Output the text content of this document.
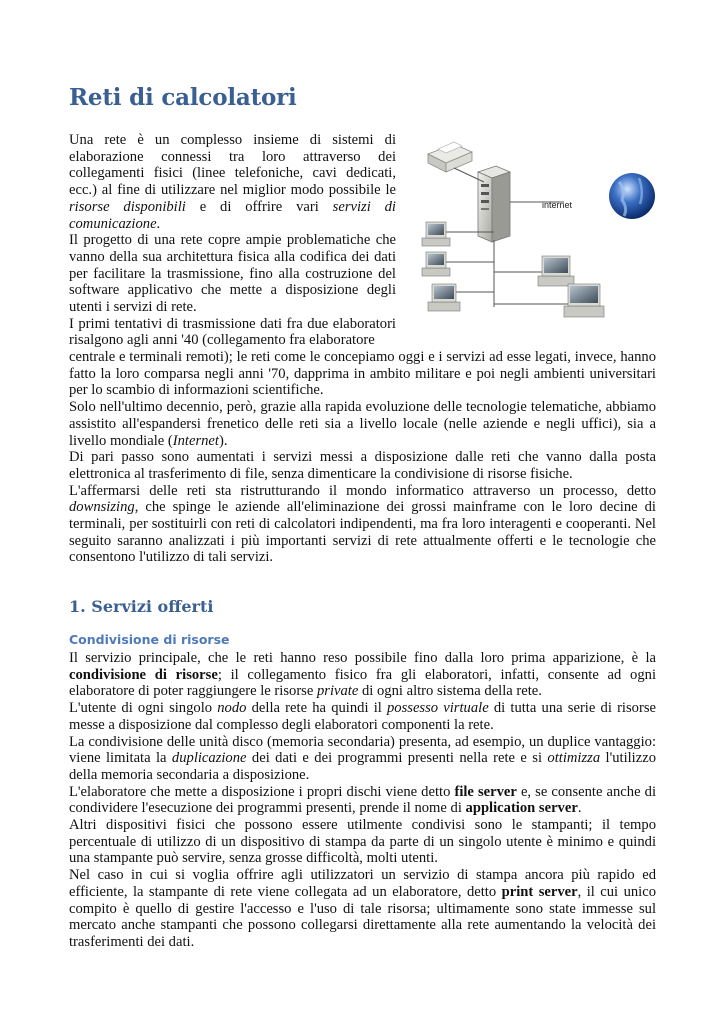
Reti di calcolatori

Una rete è un complesso insieme di sistemi di elaborazione connessi tra loro attraverso dei collegamenti fisici (linee telefoniche, cavi dedicati, ecc.) al fine di utilizzare nel miglior modo possibile le risorse disponibili e di offrire vari servizi di comunicazione.

Il progetto di una rete copre ampie problematiche che vanno della sua architettura fisica alla codifica dei dati per facilitare la trasmissione, fino alla costruzione del software applicativo che mette a disposizione degli utenti i servizi di rete.

I primi tentativi di trasmissione dati fra due elaboratori risalgono agli anni '40 (collegamento fra elaboratore

internet

centrale e terminali remoti); le reti come le concepiamo oggi e i servizi ad esse legati, invece, hanno fatto la loro comparsa negli anni '70, dapprima in ambito militare e poi negli ambienti universitari per lo scambio di informazioni scientifiche.

Solo nell'ultimo decennio, però, grazie alla rapida evoluzione delle tecnologie telematiche, abbiamo assistito all'espandersi frenetico delle reti sia a livello locale (nelle aziende e negli uffici), sia a livello mondiale (Internet).

Di pari passo sono aumentati i servizi messi a disposizione dalle reti che vanno dalla posta elettronica al trasferimento di file, senza dimenticare la condivisione di risorse fisiche.

L'affermarsi delle reti sta ristrutturando il mondo informatico attraverso un processo, detto downsizing, che spinge le aziende all'eliminazione dei grossi mainframe con le loro decine di terminali, per sostituirli con reti di calcolatori indipendenti, ma fra loro interagenti e cooperanti. Nel seguito saranno analizzati i più importanti servizi di rete attualmente offerti e le tecnologie che consentono l'utilizzo di tali servizi.

1. Servizi offerti
Condivisione di risorse

Il servizio principale, che le reti hanno reso possibile fino dalla loro prima apparizione, è la condivisione di risorse; il collegamento fisico fra gli elaboratori, infatti, consente ad ogni elaboratore di poter raggiungere le risorse private di ogni altro sistema della rete.

L'utente di ogni singolo nodo della rete ha quindi il possesso virtuale di tutta una serie di risorse messe a disposizione dal complesso degli elaboratori componenti la rete.

La condivisione delle unità disco (memoria secondaria) presenta, ad esempio, un duplice vantaggio: viene limitata la duplicazione dei dati e dei programmi presenti nella rete e si ottimizza l'utilizzo della memoria secondaria a disposizione.

L'elaboratore che mette a disposizione i propri dischi viene detto file server e, se consente anche di condividere l'esecuzione dei programmi presenti, prende il nome di application server.

Altri dispositivi fisici che possono essere utilmente condivisi sono le stampanti; il tempo percentuale di utilizzo di un dispositivo di stampa da parte di un singolo utente è minimo e quindi una stampante può servire, senza grosse difficoltà, molti utenti.

Nel caso in cui si voglia offrire agli utilizzatori un servizio di stampa ancora più rapido ed efficiente, la stampante di rete viene collegata ad un elaboratore, detto print server, il cui unico compito è quello di gestire l'accesso e l'uso di tale risorsa; ultimamente sono state immesse sul mercato anche stampanti che possono collegarsi direttamente alla rete aumentando la velocità dei trasferimenti dei dati.
